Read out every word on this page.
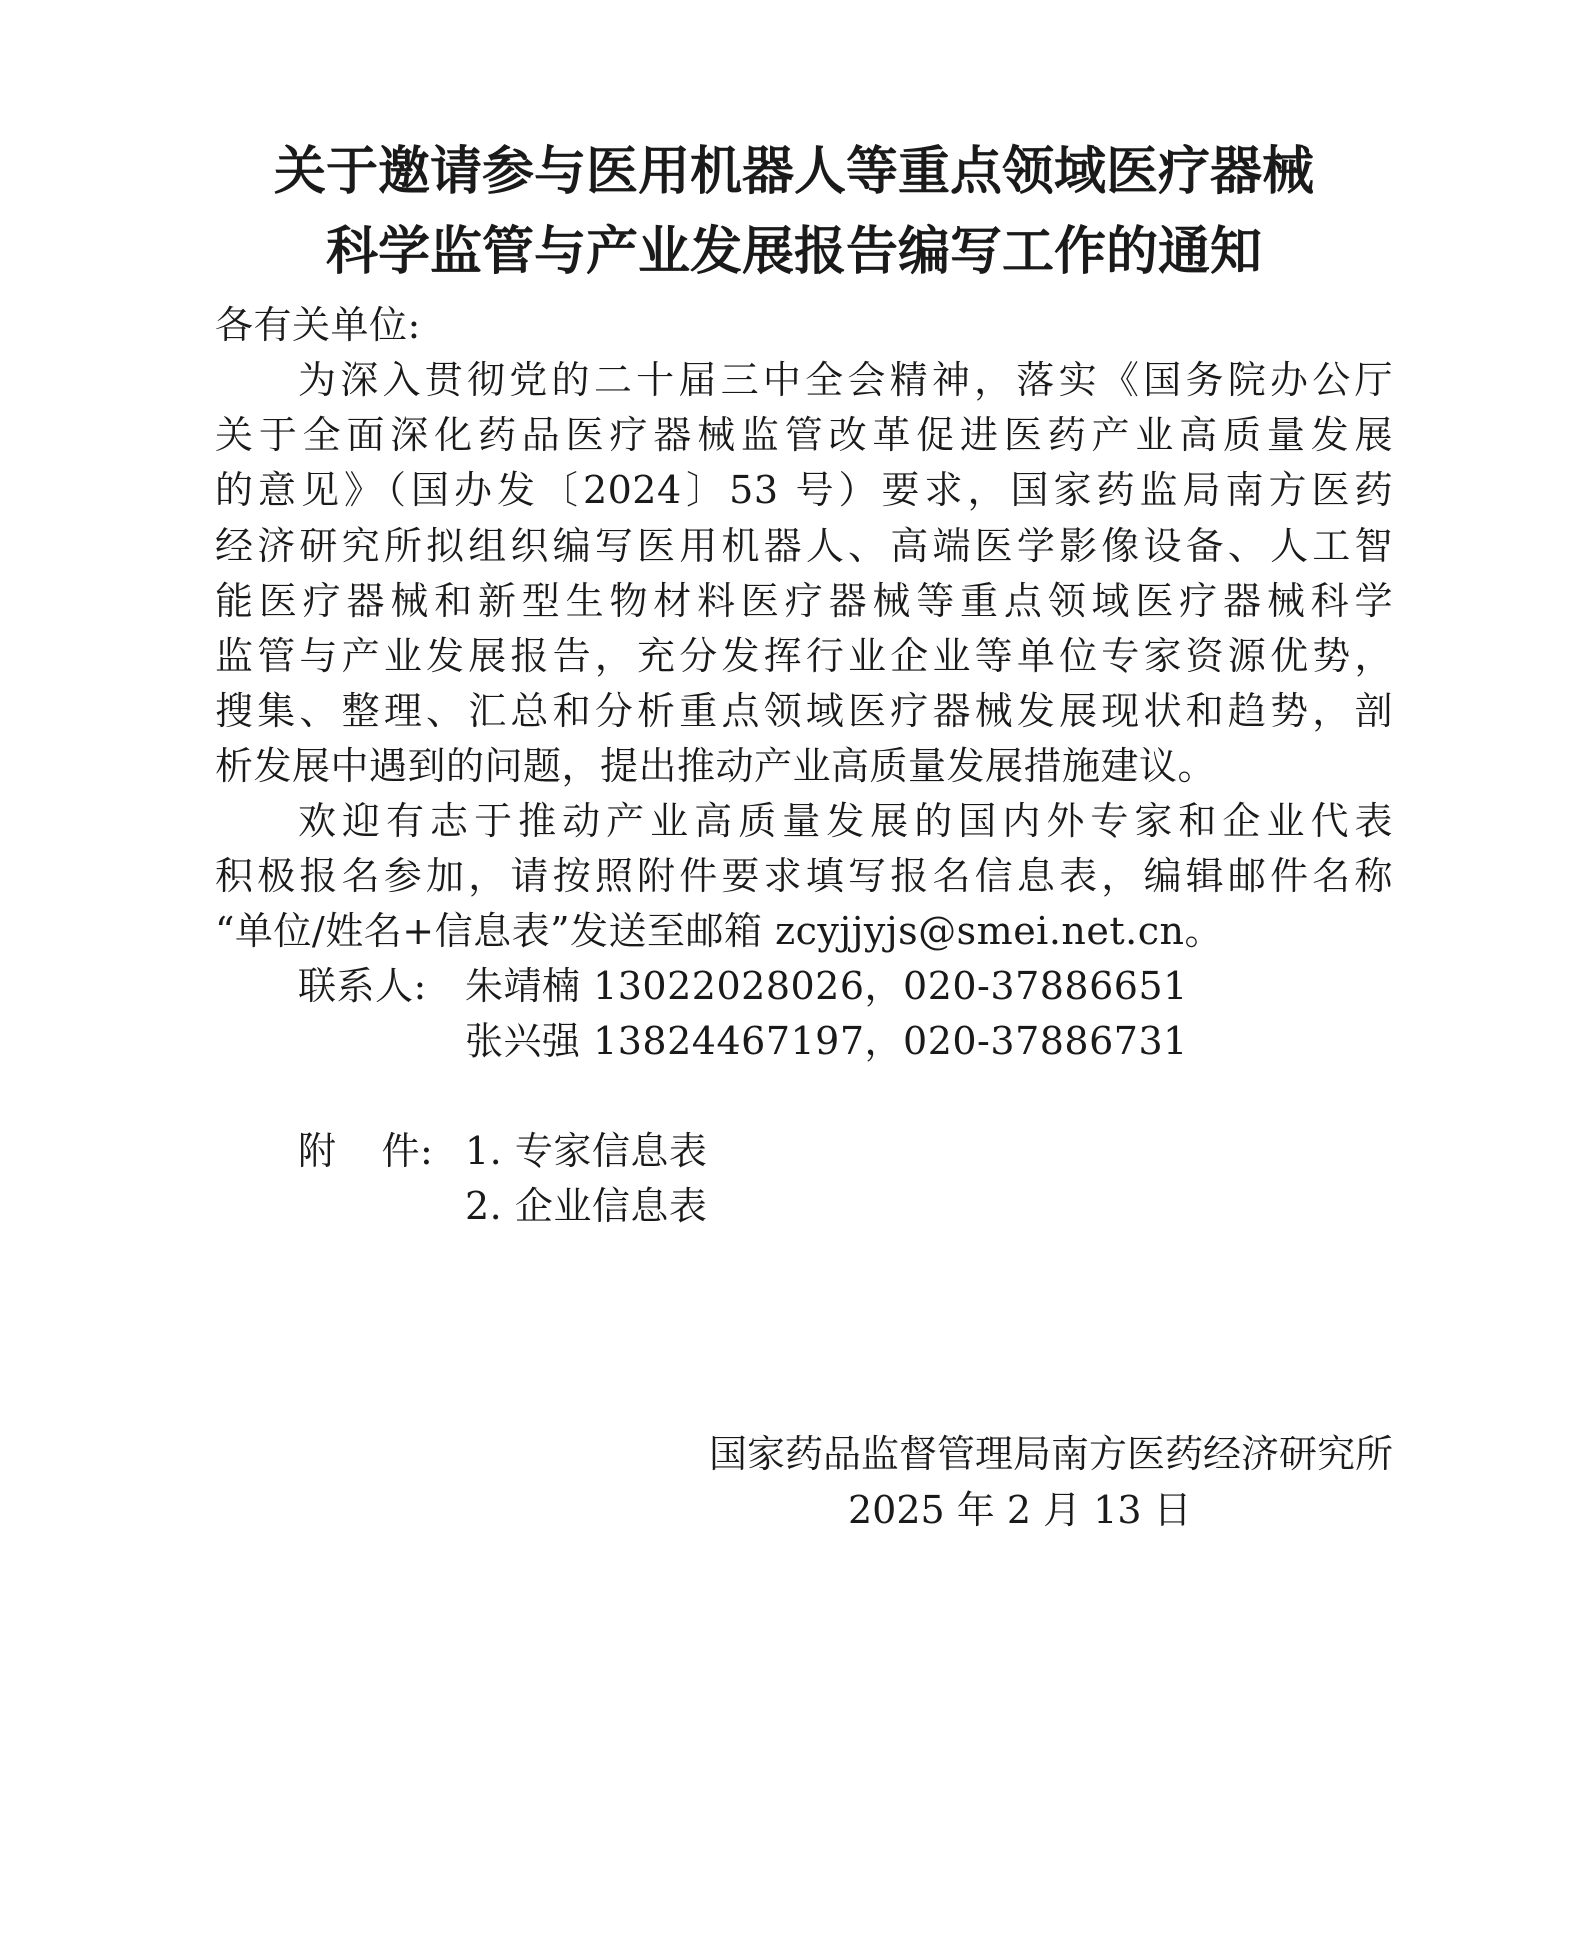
关于邀请参与医用机器人等重点领域医疗器械
科学监管与产业发展报告编写工作的通知
各有关单位:
为深入贯彻党的二十届三中全会精神，落实《国务院办公厅
关于全面深化药品医疗器械监管改革促进医药产业高质量发展
的意见》（国办发〔2024〕53 号）要求，国家药监局南方医药
经济研究所拟组织编写医用机器人、高端医学影像设备、人工智
能医疗器械和新型生物材料医疗器械等重点领域医疗器械科学
监管与产业发展报告，充分发挥行业企业等单位专家资源优势，
搜集、整理、汇总和分析重点领域医疗器械发展现状和趋势，剖
析发展中遇到的问题，提出推动产业高质量发展措施建议。
欢迎有志于推动产业高质量发展的国内外专家和企业代表
积极报名参加，请按照附件要求填写报名信息表，编辑邮件名称
“单位/姓名+信息表”发送至邮箱 zcyjjyjs@smei.net.cn。
联系人: 朱靖楠 13022028026，020-37886651
张兴强 13824467197，020-37886731
附 件: 1. 专家信息表
2. 企业信息表
国家药品监督管理局南方医药经济研究所
2025 年 2 月 13 日
